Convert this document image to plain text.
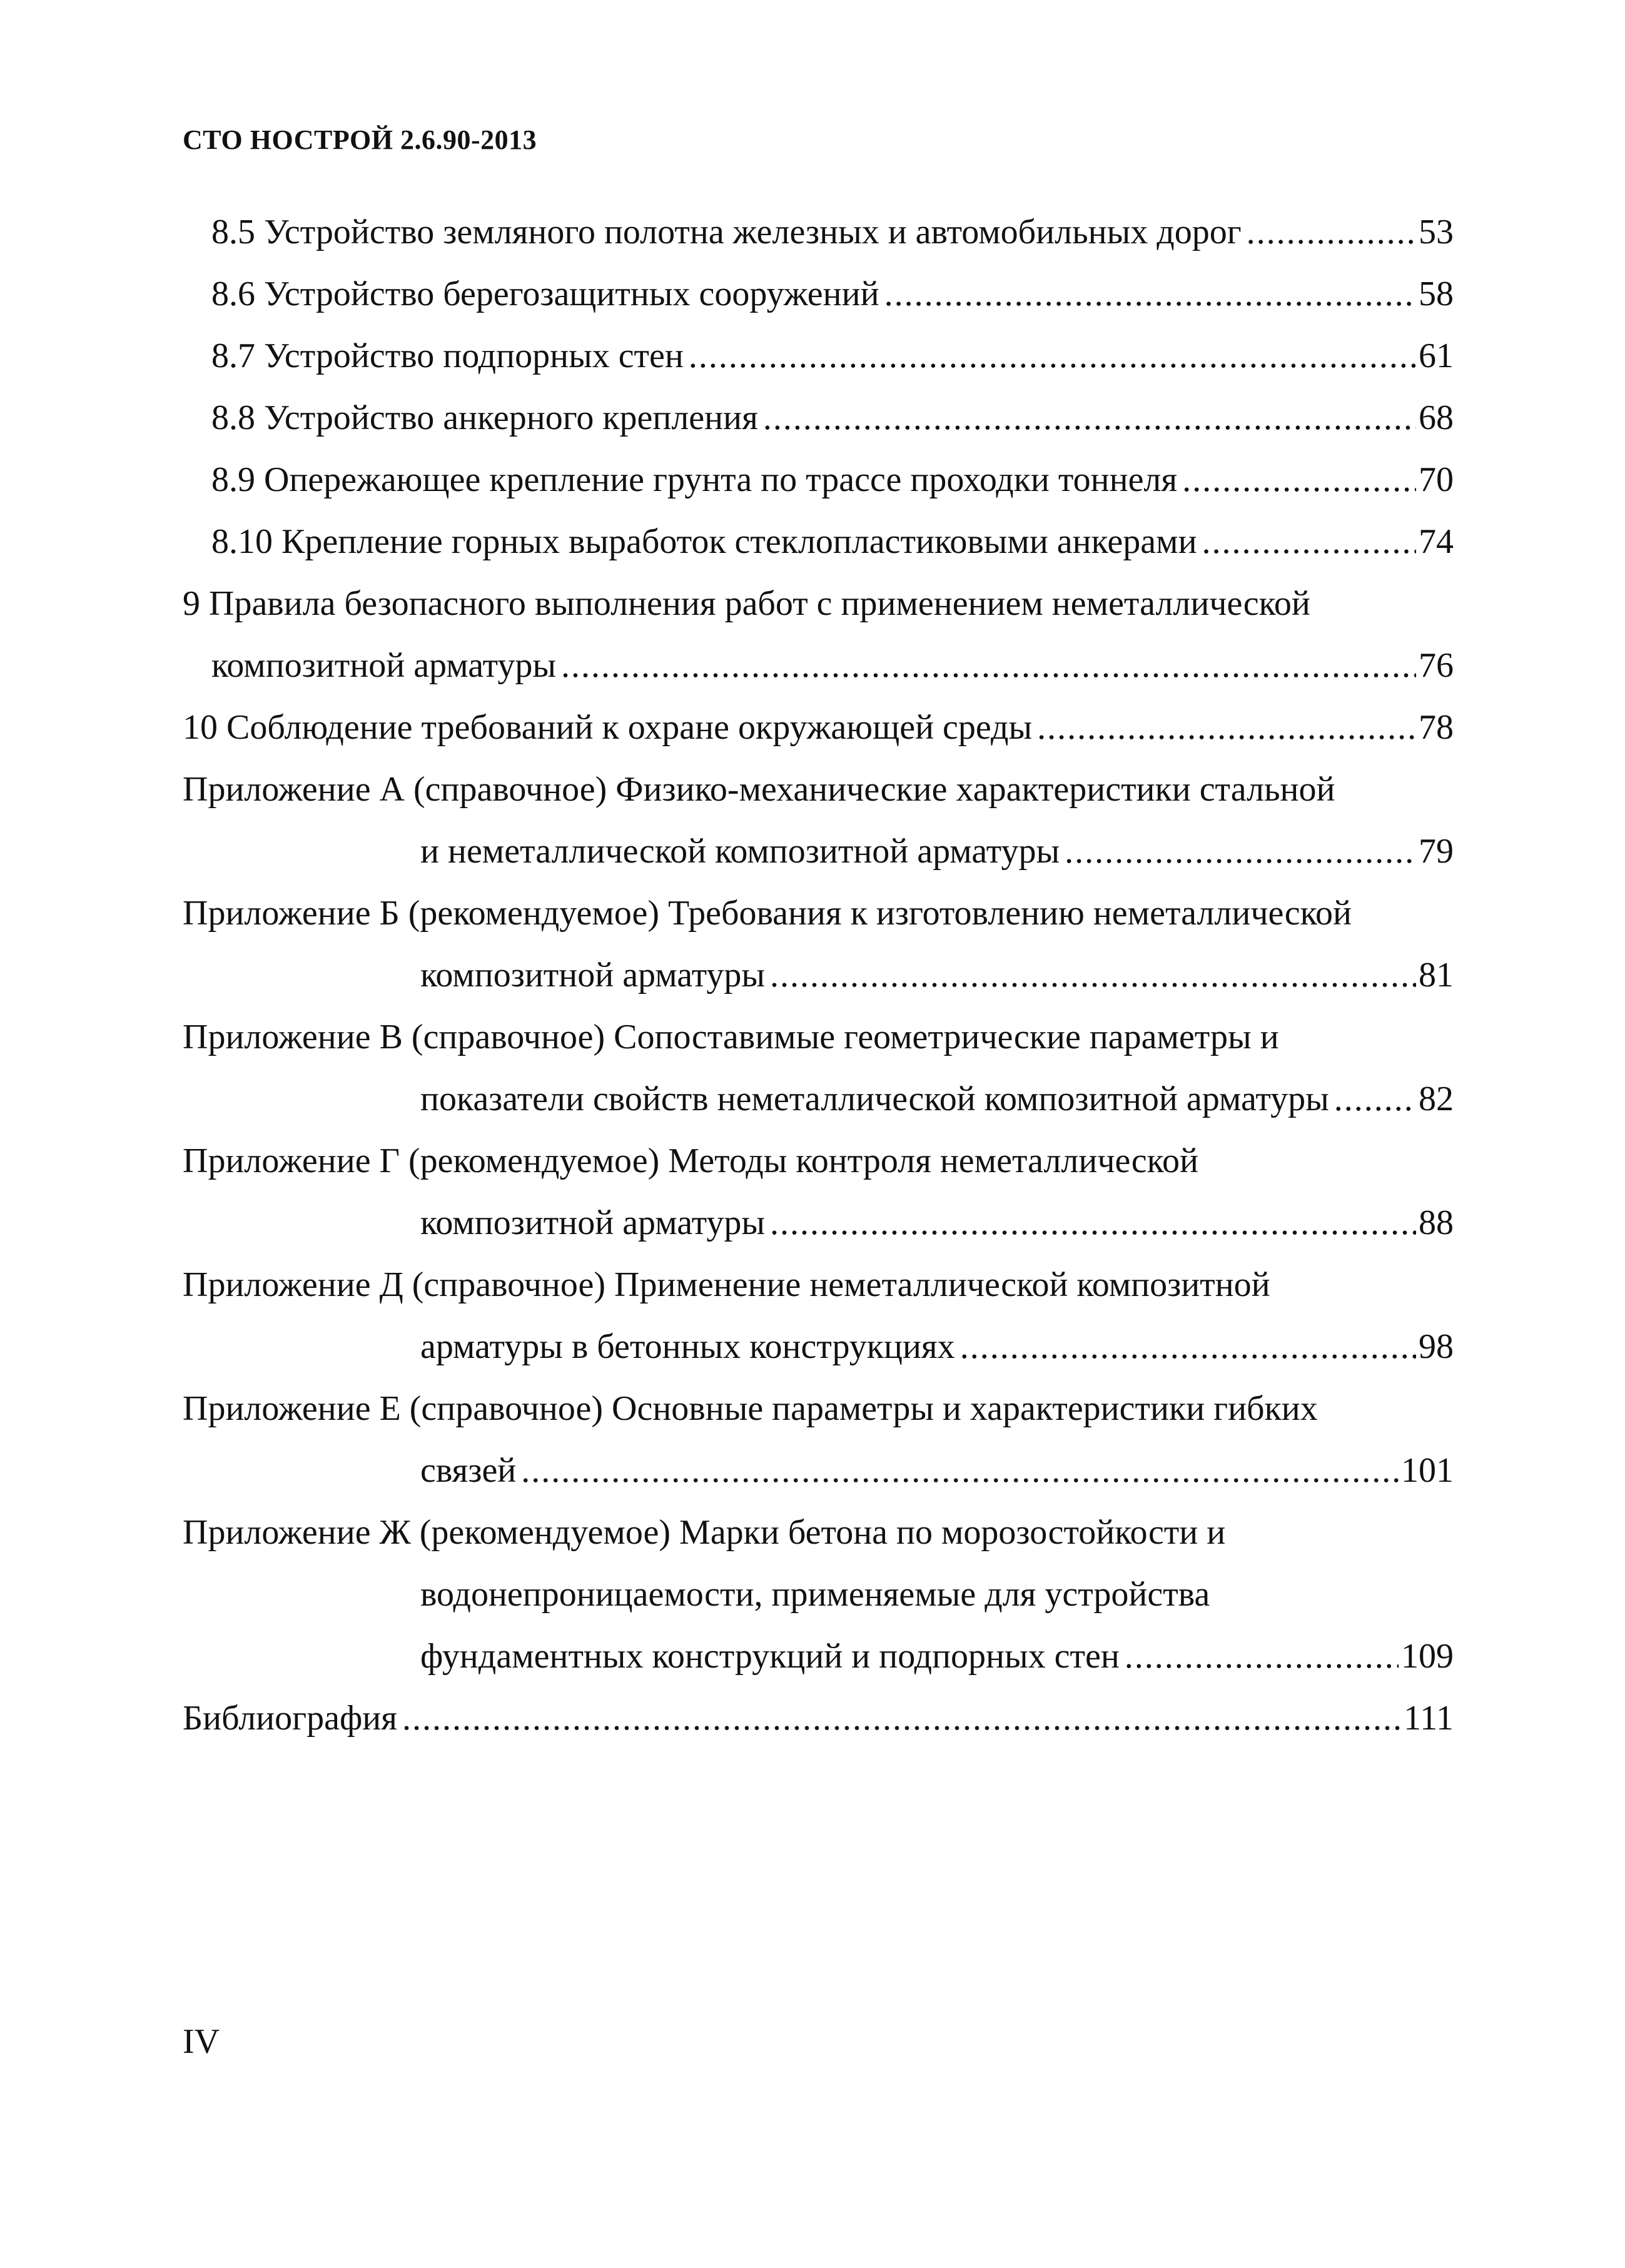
СТО НОСТРОЙ 2.6.90-2013
8.5 Устройство земляного полотна железных и автомобильных дорог .....	53
8.6 Устройство берегозащитных сооружений .....	58
8.7 Устройство подпорных стен .....	61
8.8 Устройство анкерного крепления .....	68
8.9 Опережающее крепление грунта по трассе проходки тоннеля .....	70
8.10 Крепление горных выработок стеклопластиковыми анкерами .....	74
9 Правила безопасного выполнения работ с применением неметаллической
композитной арматуры .....	76
10 Соблюдение требований к охране окружающей среды .....	78
Приложение А (справочное) Физико-механические характеристики стальной
и неметаллической композитной арматуры .....	79
Приложение Б (рекомендуемое) Требования к изготовлению неметаллической
композитной арматуры .....	81
Приложение В (справочное) Сопоставимые геометрические параметры и
показатели свойств неметаллической композитной арматуры .....	82
Приложение Г (рекомендуемое) Методы контроля неметаллической
композитной арматуры .....	88
Приложение Д (справочное) Применение неметаллической композитной
арматуры в бетонных конструкциях .....	98
Приложение Е (справочное) Основные параметры и характеристики гибких
связей .....	101
Приложение Ж (рекомендуемое) Марки бетона по морозостойкости и
водонепроницаемости, применяемые для устройства
фундаментных конструкций и подпорных стен .....	109
Библиография .....	111
IV
